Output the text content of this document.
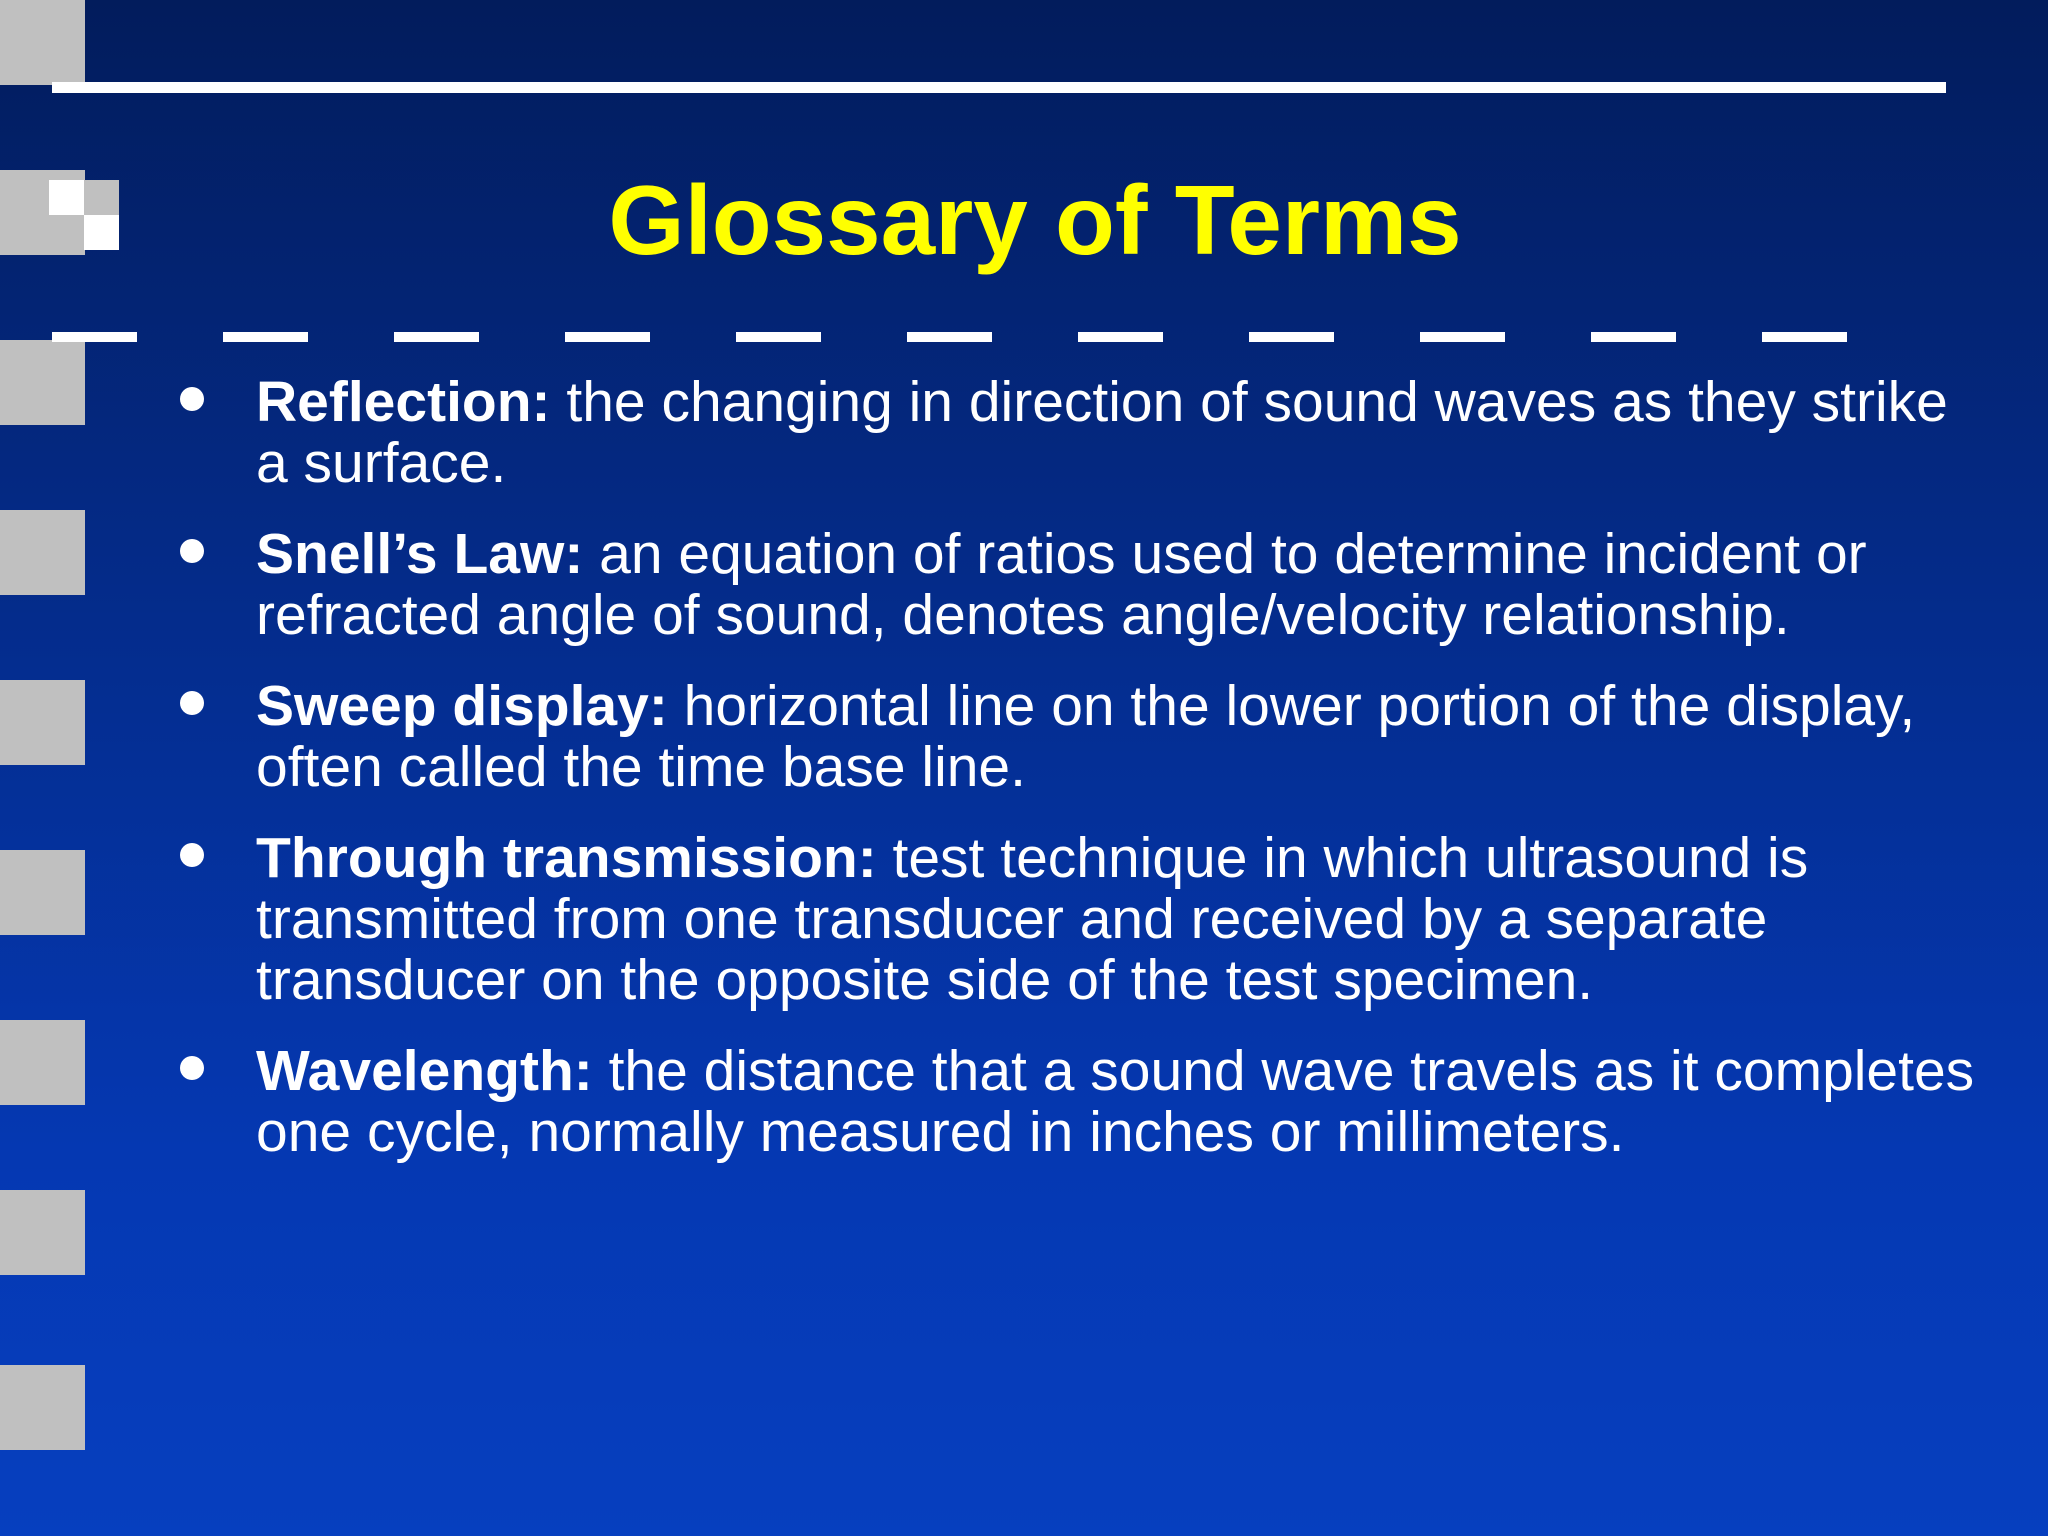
Glossary of Terms
Reflection: the changing in direction of sound waves as they strike a surface.
Snell’s Law: an equation of ratios used to determine incident or refracted angle of sound, denotes angle/velocity relationship.
Sweep display: horizontal line on the lower portion of the display, often called the time base line.
Through transmission: test technique in which ultrasound is transmitted from one transducer and received by a separate transducer on the opposite side of the test specimen.
Wavelength: the distance that a sound wave travels as it completes one cycle, normally measured in inches or millimeters.
